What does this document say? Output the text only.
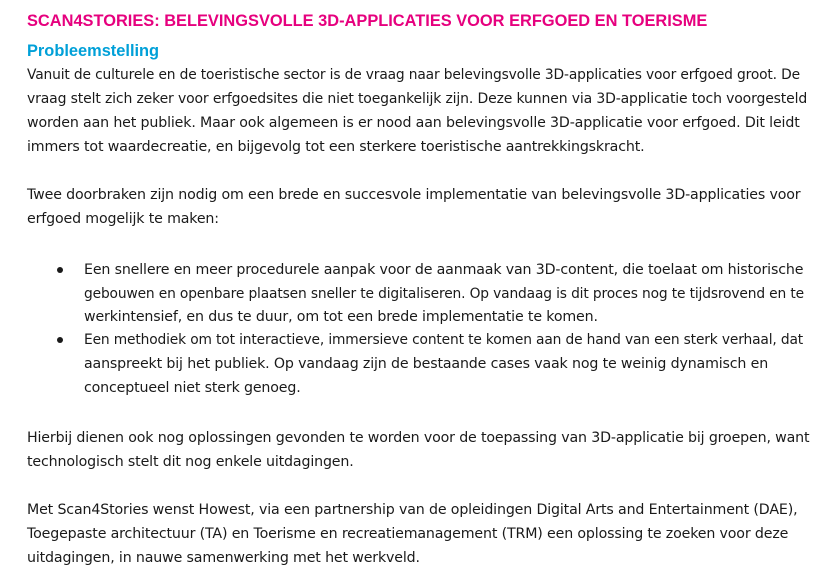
SCAN4STORIES: BELEVINGSVOLLE 3D-APPLICATIES VOOR ERFGOED EN TOERISME
Probleemstelling

Vanuit de culturele en de toeristische sector is de vraag naar belevingsvolle 3D-applicaties voor erfgoed groot. De

vraag stelt zich zeker voor erfgoedsites die niet toegankelijk zijn. Deze kunnen via 3D-applicatie toch voorgesteld

worden aan het publiek. Maar ook algemeen is er nood aan belevingsvolle 3D-applicatie voor erfgoed. Dit leidt

immers tot waardecreatie, en bijgevolg tot een sterkere toeristische aantrekkingskracht.

Twee doorbraken zijn nodig om een brede en succesvole implementatie van belevingsvolle 3D-applicaties voor

erfgoed mogelijk te maken:

Een snellere en meer procedurele aanpak voor de aanmaak van 3D-content, die toelaat om historische

gebouwen en openbare plaatsen sneller te digitaliseren. Op vandaag is dit proces nog te tijdsrovend en te

werkintensief, en dus te duur, om tot een brede implementatie te komen.

Een methodiek om tot interactieve, immersieve content te komen aan de hand van een sterk verhaal, dat

aanspreekt bij het publiek. Op vandaag zijn de bestaande cases vaak nog te weinig dynamisch en

conceptueel niet sterk genoeg.

Hierbij dienen ook nog oplossingen gevonden te worden voor de toepassing van 3D-applicatie bij groepen, want

technologisch stelt dit nog enkele uitdagingen.

Met Scan4Stories wenst Howest, via een partnership van de opleidingen Digital Arts and Entertainment (DAE),

Toegepaste architectuur (TA) en Toerisme en recreatiemanagement (TRM) een oplossing te zoeken voor deze

uitdagingen, in nauwe samenwerking met het werkveld.
